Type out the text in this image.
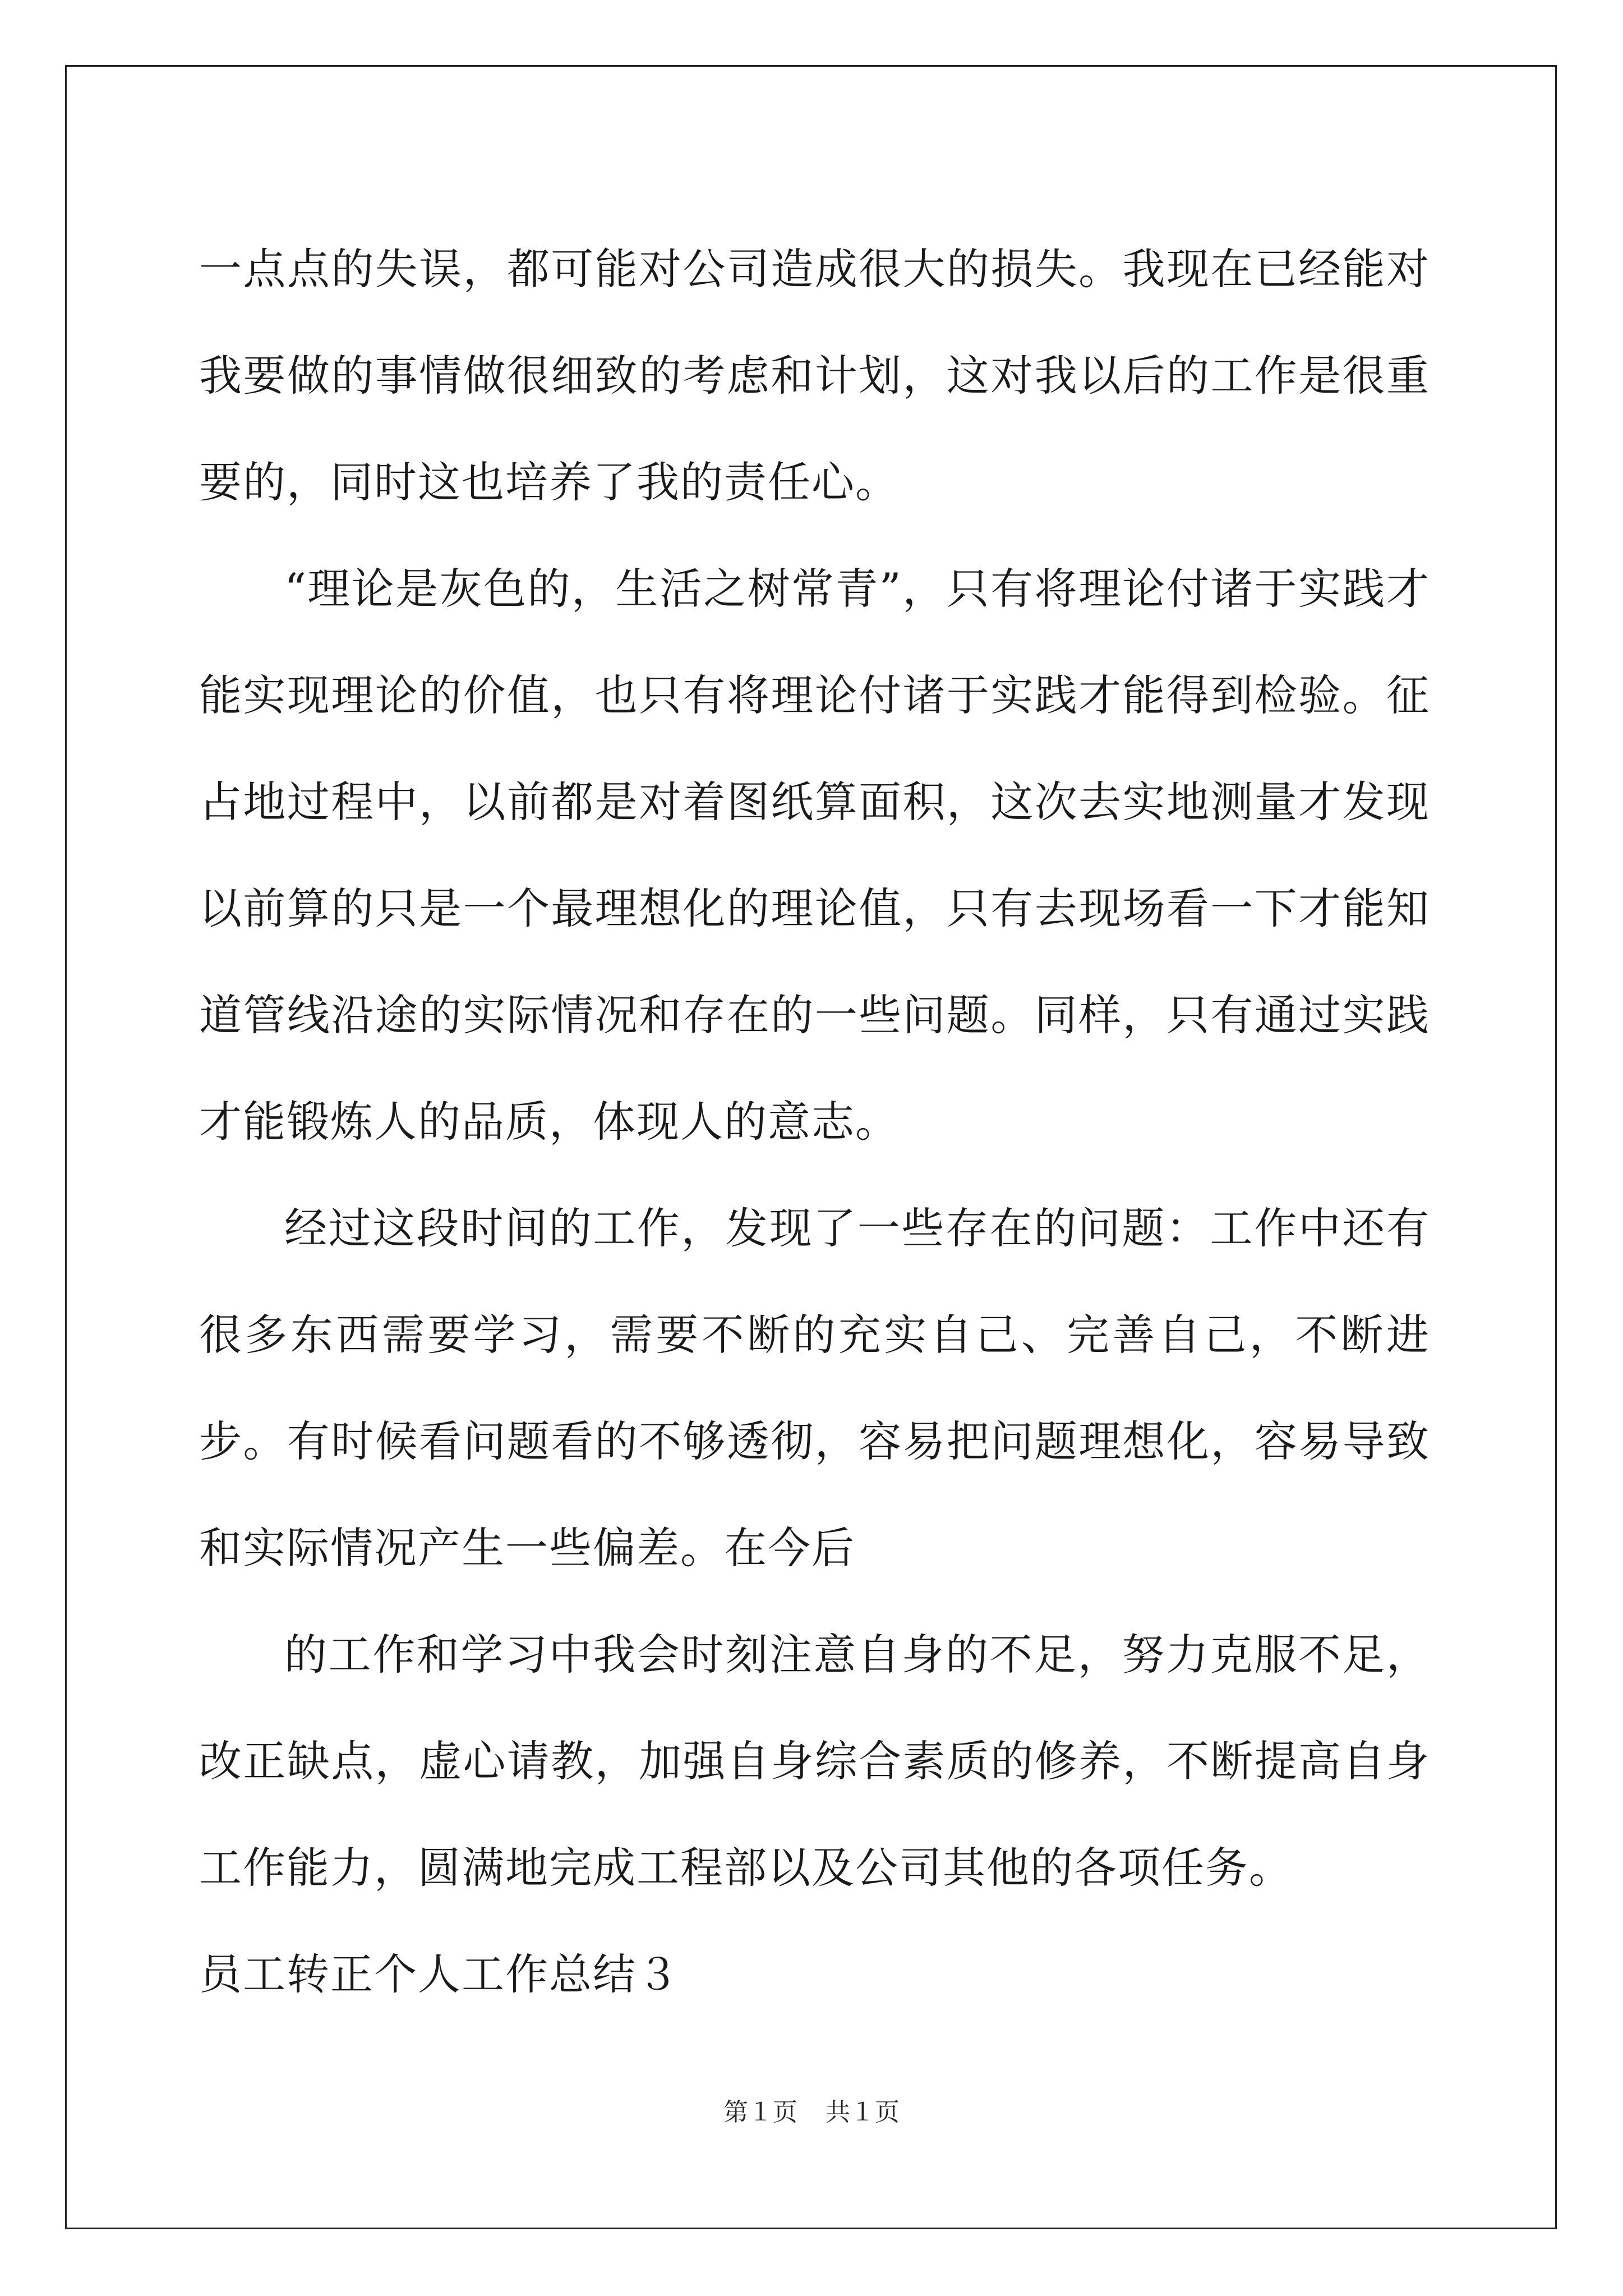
一点点的失误，都可能对公司造成很大的损失。我现在已经能对我要做的事情做很细致的考虑和计划，这对我以后的工作是很重要的，同时这也培养了我的责任心。

“理论是灰色的，生活之树常青”，只有将理论付诸于实践才能实现理论的价值，也只有将理论付诸于实践才能得到检验。征占地过程中，以前都是对着图纸算面积，这次去实地测量才发现以前算的只是一个最理想化的理论值，只有去现场看一下才能知道管线沿途的实际情况和存在的一些问题。同样，只有通过实践才能锻炼人的品质，体现人的意志。

经过这段时间的工作，发现了一些存在的问题：工作中还有很多东西需要学习，需要不断的充实自己、完善自己，不断进步。有时候看问题看的不够透彻，容易把问题理想化，容易导致和实际情况产生一些偏差。在今后

的工作和学习中我会时刻注意自身的不足，努力克服不足，改正缺点，虚心请教，加强自身综合素质的修养，不断提高自身工作能力，圆满地完成工程部以及公司其他的各项任务。

员工转正个人工作总结３

第１页 共１页
